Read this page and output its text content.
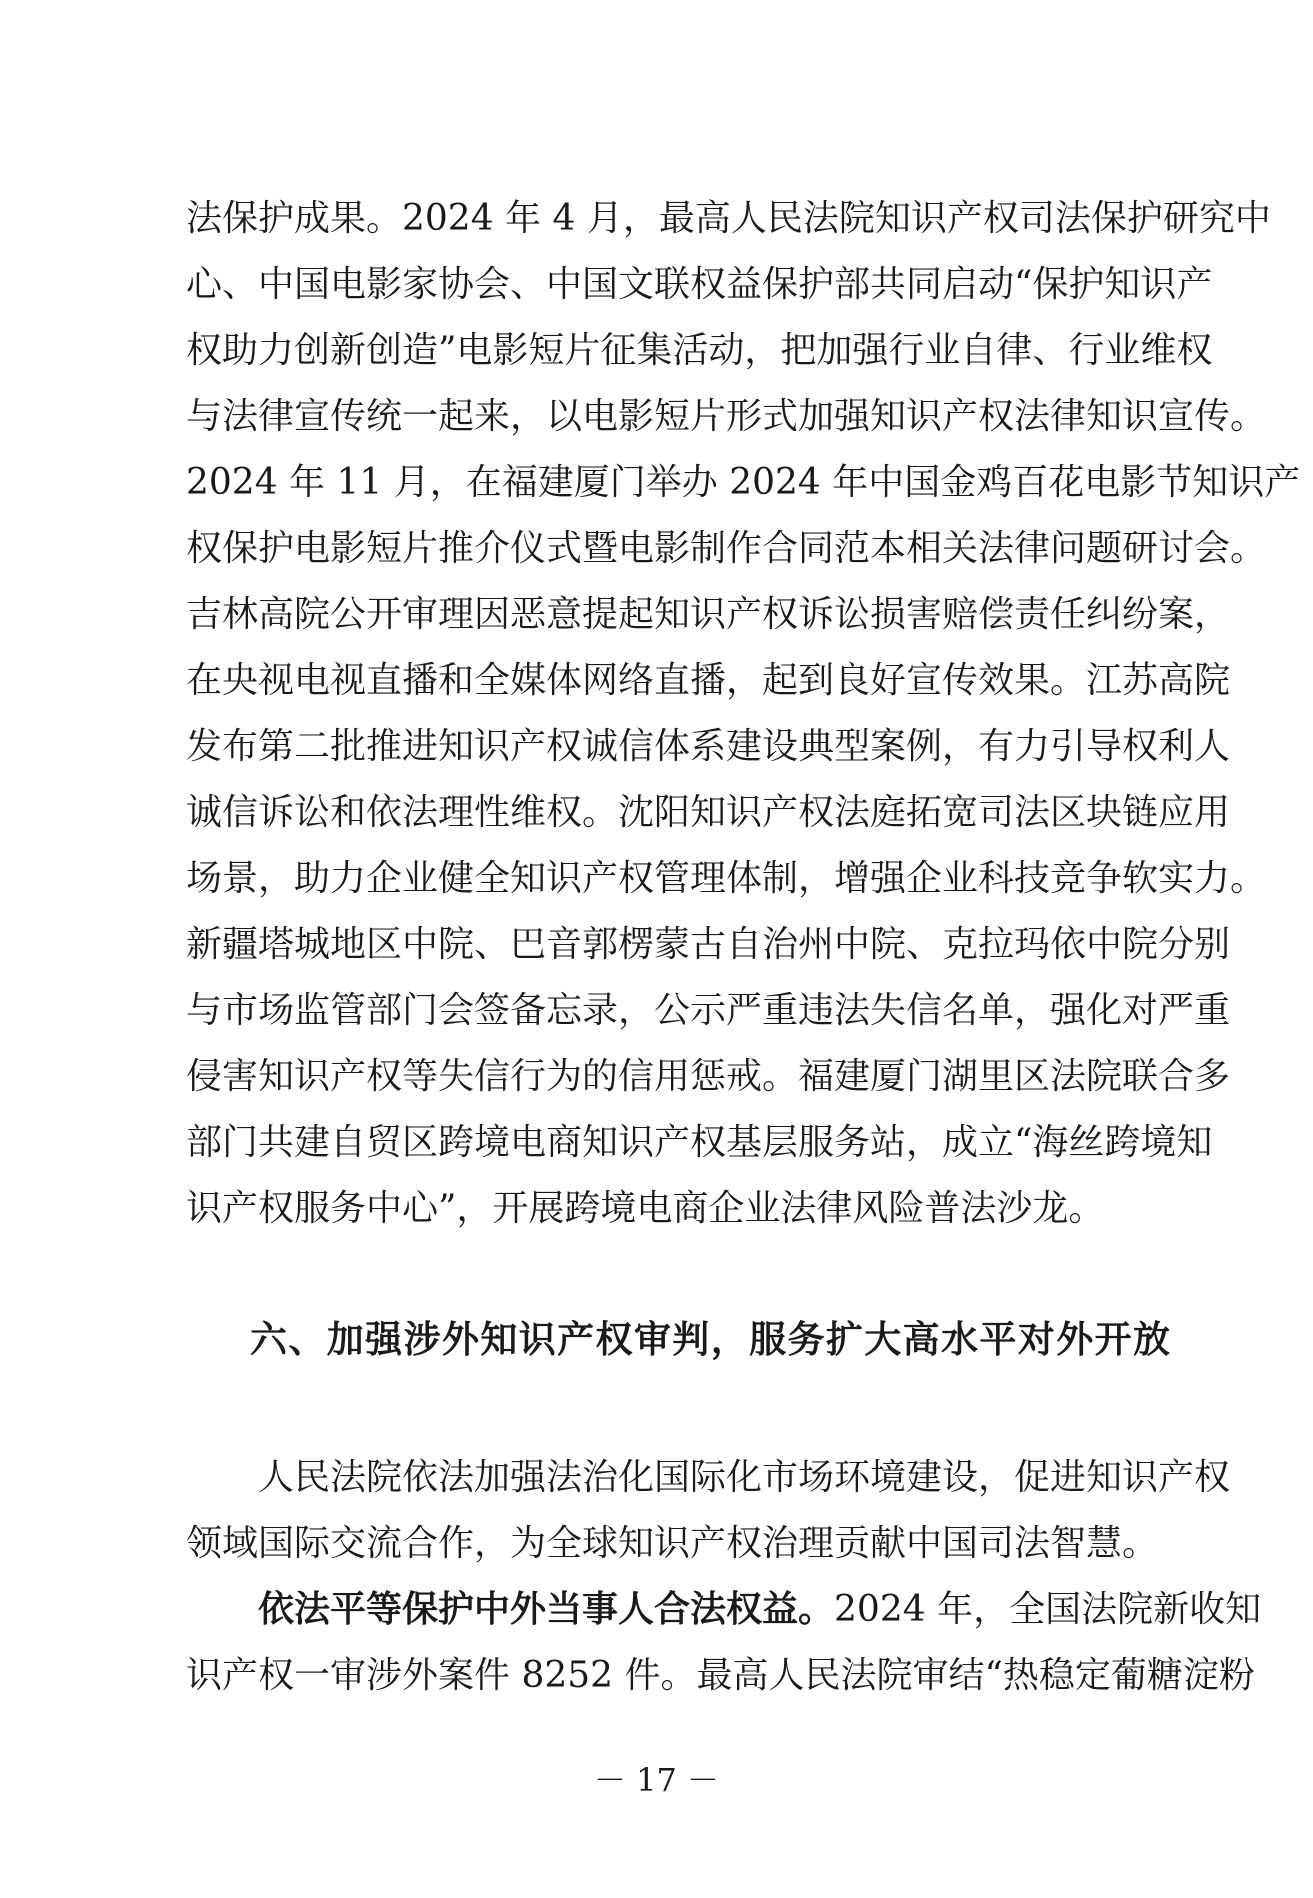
法保护成果。2024 年 4 月，最高人民法院知识产权司法保护研究中
心、中国电影家协会、中国文联权益保护部共同启动“保护知识产
权助力创新创造”电影短片征集活动，把加强行业自律、行业维权
与法律宣传统一起来，以电影短片形式加强知识产权法律知识宣传。
2024 年 11 月，在福建厦门举办 2024 年中国金鸡百花电影节知识产
权保护电影短片推介仪式暨电影制作合同范本相关法律问题研讨会。
吉林高院公开审理因恶意提起知识产权诉讼损害赔偿责任纠纷案，
在央视电视直播和全媒体网络直播，起到良好宣传效果。江苏高院
发布第二批推进知识产权诚信体系建设典型案例，有力引导权利人
诚信诉讼和依法理性维权。沈阳知识产权法庭拓宽司法区块链应用
场景，助力企业健全知识产权管理体制，增强企业科技竞争软实力。
新疆塔城地区中院、巴音郭楞蒙古自治州中院、克拉玛依中院分别
与市场监管部门会签备忘录，公示严重违法失信名单，强化对严重
侵害知识产权等失信行为的信用惩戒。福建厦门湖里区法院联合多
部门共建自贸区跨境电商知识产权基层服务站，成立“海丝跨境知
识产权服务中心”，开展跨境电商企业法律风险普法沙龙。
六、加强涉外知识产权审判，服务扩大高水平对外开放
人民法院依法加强法治化国际化市场环境建设，促进知识产权
领域国际交流合作，为全球知识产权治理贡献中国司法智慧。
依法平等保护中外当事人合法权益。2024 年，全国法院新收知
识产权一审涉外案件 8252 件。最高人民法院审结“热稳定葡糖淀粉
－ 17 －
